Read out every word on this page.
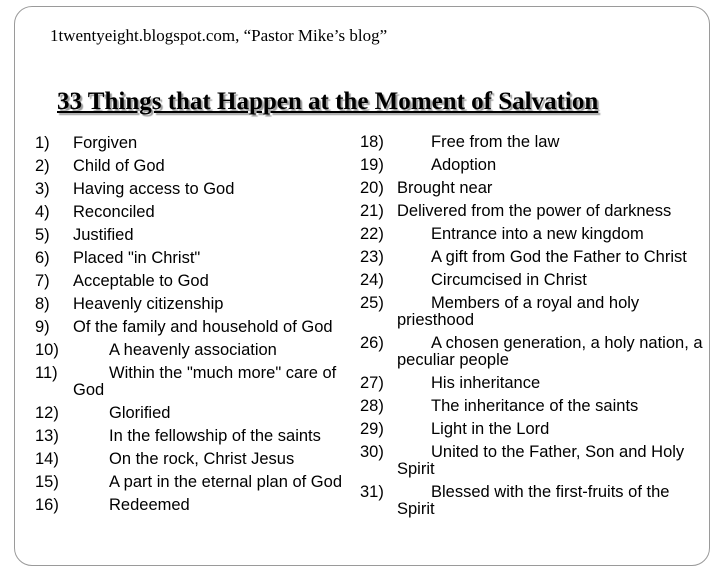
1twentyeight.blogspot.com, “Pastor Mike’s blog”
33 Things that Happen at the Moment of Salvation
1)	Forgiven
2)	Child of God
3)	Having access to God
4)	Reconciled
5)	Justified
6)	Placed "in Christ"
7)	Acceptable to God
8)	Heavenly citizenship
9)	Of the family and household of God
10)	A heavenly association
11)	Within the "much more" care of God
12)	Glorified
13)	In the fellowship of the saints
14)	On the rock, Christ Jesus
15)	A part in the eternal plan of God
16)	Redeemed
18)	Free from the law
19)	Adoption
20) Brought near
21) Delivered from the power of darkness
22)	Entrance into a new kingdom
23)	A gift from God the Father to Christ
24)	Circumcised in Christ
25)	Members of a royal and holy priesthood
26)	A chosen generation, a holy nation, a peculiar people
27)	His inheritance
28)	The inheritance of the saints
29)	Light in the Lord
30)	United to the Father, Son and Holy Spirit
31)	Blessed with the first-fruits of the Spirit
